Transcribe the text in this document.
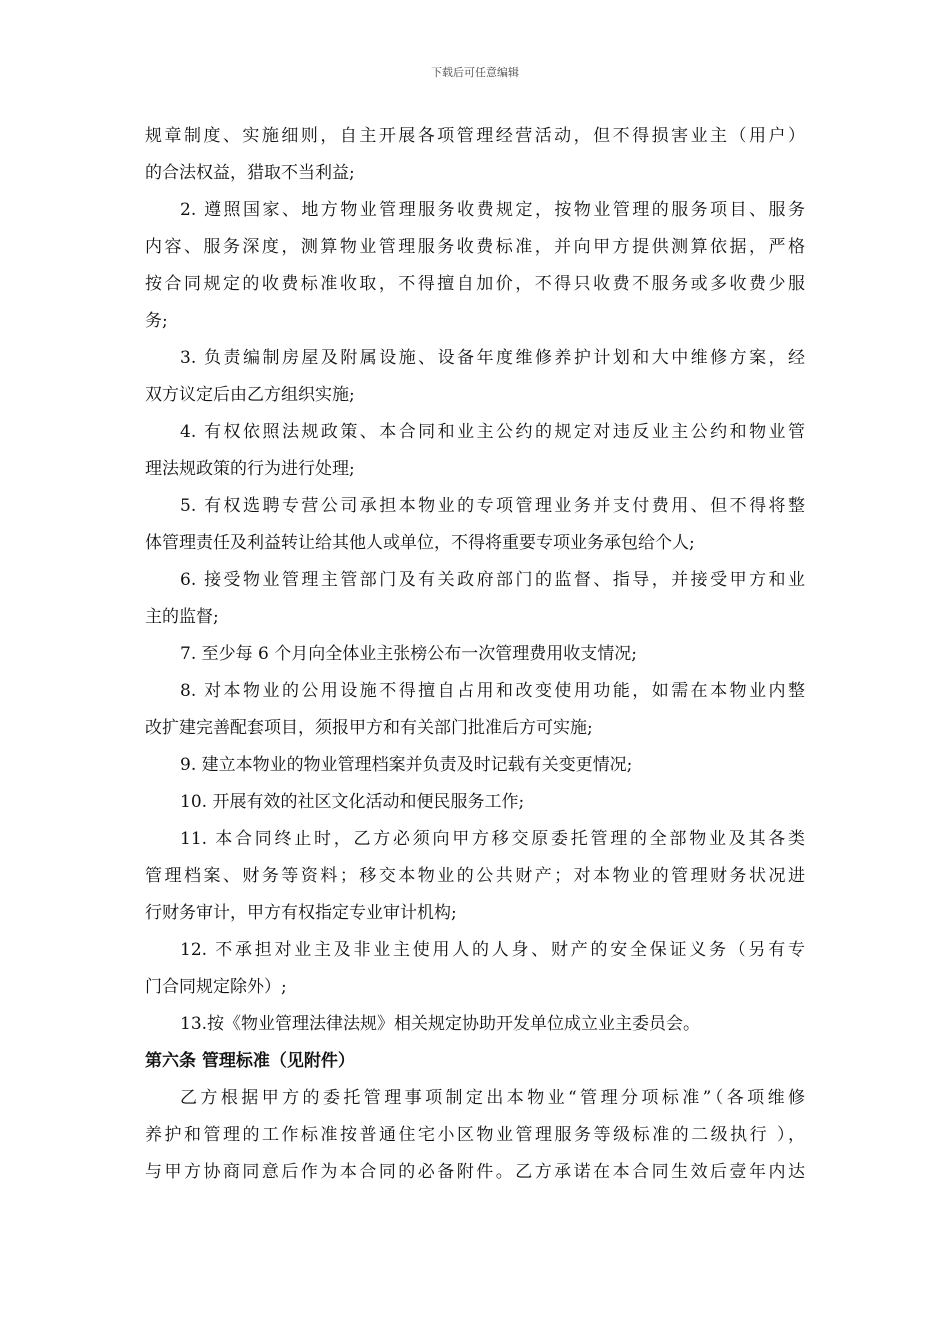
下载后可任意编辑
规章制度、实施细则，自主开展各项管理经营活动，但不得损害业主（用户）
的合法权益，猎取不当利益;
2. 遵照国家、地方物业管理服务收费规定，按物业管理的服务项目、服务
内容、服务深度，测算物业管理服务收费标准，并向甲方提供测算依据，严格
按合同规定的收费标准收取，不得擅自加价，不得只收费不服务或多收费少服
务;
3. 负责编制房屋及附属设施、设备年度维修养护计划和大中维修方案，经
双方议定后由乙方组织实施;
4. 有权依照法规政策、本合同和业主公约的规定对违反业主公约和物业管
理法规政策的行为进行处理;
5. 有权选聘专营公司承担本物业的专项管理业务并支付费用、但不得将整
体管理责任及利益转让给其他人或单位，不得将重要专项业务承包给个人;
6. 接受物业管理主管部门及有关政府部门的监督、指导，并接受甲方和业
主的监督;
7. 至少每 6 个月向全体业主张榜公布一次管理费用收支情况;
8. 对本物业的公用设施不得擅自占用和改变使用功能，如需在本物业内整
改扩建完善配套项目，须报甲方和有关部门批准后方可实施;
9. 建立本物业的物业管理档案并负责及时记载有关变更情况;
10. 开展有效的社区文化活动和便民服务工作;
11. 本合同终止时，乙方必须向甲方移交原委托管理的全部物业及其各类
管理档案、财务等资料；移交本物业的公共财产；对本物业的管理财务状况进
行财务审计，甲方有权指定专业审计机构;
12. 不承担对业主及非业主使用人的人身、财产的安全保证义务（另有专
门合同规定除外）;
13.按《物业管理法律法规》相关规定协助开发单位成立业主委员会。
第六条 管理标准（见附件）
乙方根据甲方的委托管理事项制定出本物业“管理分项标准”（各项维修
养护和管理的工作标准按普通住宅小区物业管理服务等级标准的二级执行 ），
与甲方协商同意后作为本合同的必备附件。乙方承诺在本合同生效后壹年内达
